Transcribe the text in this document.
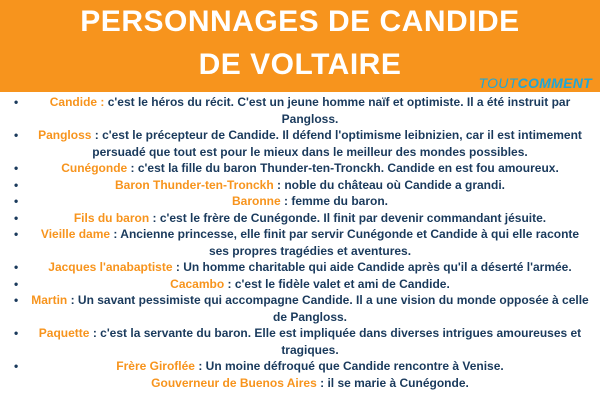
PERSONNAGES DE CANDIDE
DE VOLTAIRE
TOUTCOMMENT
•	Candide : c'est le héros du récit. C'est un jeune homme naïf et optimiste. Il a été instruit par Pangloss.
• Pangloss : c'est le précepteur de Candide. Il défend l'optimisme leibnizien, car il est intimement persuadé que tout est pour le mieux dans le meilleur des mondes possibles.
•	Cunégonde : c'est la fille du baron Thunder-ten-Tronckh. Candide en est fou amoureux.
•	Baron Thunder-ten-Tronckh : noble du château où Candide a grandi.
•	Baronne : femme du baron.
•	Fils du baron : c'est le frère de Cunégonde. Il finit par devenir commandant jésuite.
• Vieille dame : Ancienne princesse, elle finit par servir Cunégonde et Candide à qui elle raconte ses propres tragédies et aventures.
•	Jacques l'anabaptiste : Un homme charitable qui aide Candide après qu'il a déserté l'armée.
•	Cacambo : c'est le fidèle valet et ami de Candide.
• Martin : Un savant pessimiste qui accompagne Candide. Il a une vision du monde opposée à celle de Pangloss.
• Paquette : c'est la servante du baron. Elle est impliquée dans diverses intrigues amoureuses et tragiques.
•	Frère Giroflée : Un moine défroqué que Candide rencontre à Venise.
Gouverneur de Buenos Aires : il se marie à Cunégonde.
